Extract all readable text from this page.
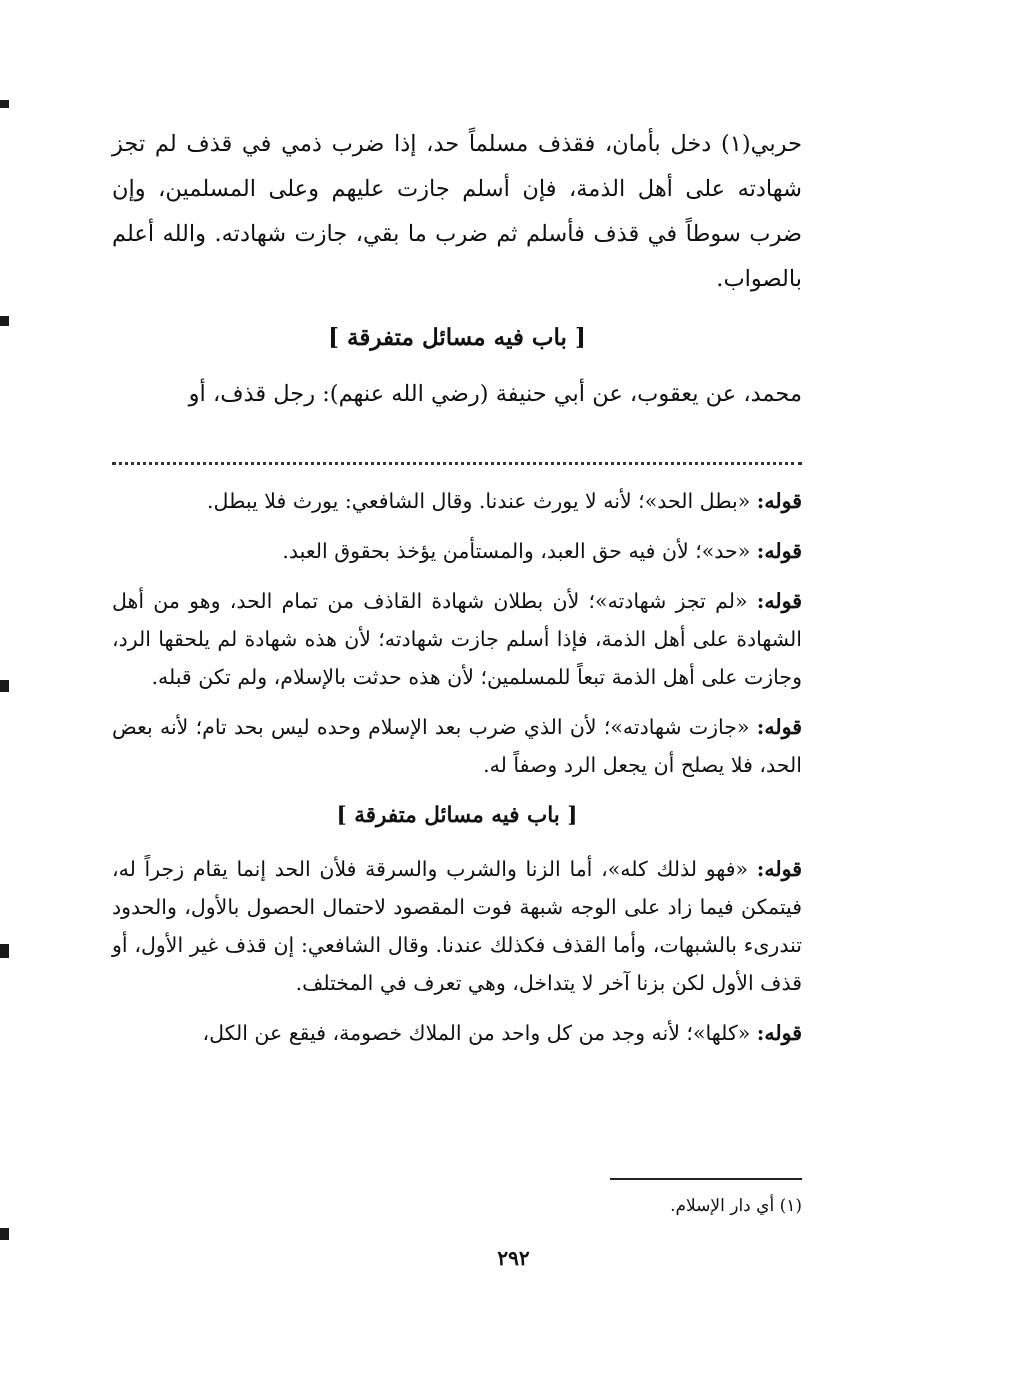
حربي(١) دخل بأمان، فقذف مسلماً حد، إذا ضرب ذمي في قذف لم تجز شهادته على أهل الذمة، فإن أسلم جازت عليهم وعلى المسلمين، وإن ضرب سوطاً في قذف فأسلم ثم ضرب ما بقي، جازت شهادته. والله أعلم بالصواب.

[ باب فيه مسائل متفرقة ]

محمد، عن يعقوب، عن أبي حنيفة (رضي الله عنهم): رجل قذف، أو

قوله: «بطل الحد»؛ لأنه لا يورث عندنا. وقال الشافعي: يورث فلا يبطل.

قوله: «حد»؛ لأن فيه حق العبد، والمستأمن يؤخذ بحقوق العبد.

قوله: «لم تجز شهادته»؛ لأن بطلان شهادة القاذف من تمام الحد، وهو من أهل الشهادة على أهل الذمة، فإذا أسلم جازت شهادته؛ لأن هذه شهادة لم يلحقها الرد، وجازت على أهل الذمة تبعاً للمسلمين؛ لأن هذه حدثت بالإسلام، ولم تكن قبله.

قوله: «جازت شهادته»؛ لأن الذي ضرب بعد الإسلام وحده ليس بحد تام؛ لأنه بعض الحد، فلا يصلح أن يجعل الرد وصفاً له.

[ باب فيه مسائل متفرقة ]

قوله: «فهو لذلك كله»، أما الزنا والشرب والسرقة فلأن الحد إنما يقام زجراً له، فيتمكن فيما زاد على الوجه شبهة فوت المقصود لاحتمال الحصول بالأول، والحدود تندرىء بالشبهات، وأما القذف فكذلك عندنا. وقال الشافعي: إن قذف غير الأول، أو قذف الأول لكن بزنا آخر لا يتداخل، وهي تعرف في المختلف.

قوله: «كلها»؛ لأنه وجد من كل واحد من الملاك خصومة، فيقع عن الكل،

(١) أي دار الإسلام.
٢٩٢
